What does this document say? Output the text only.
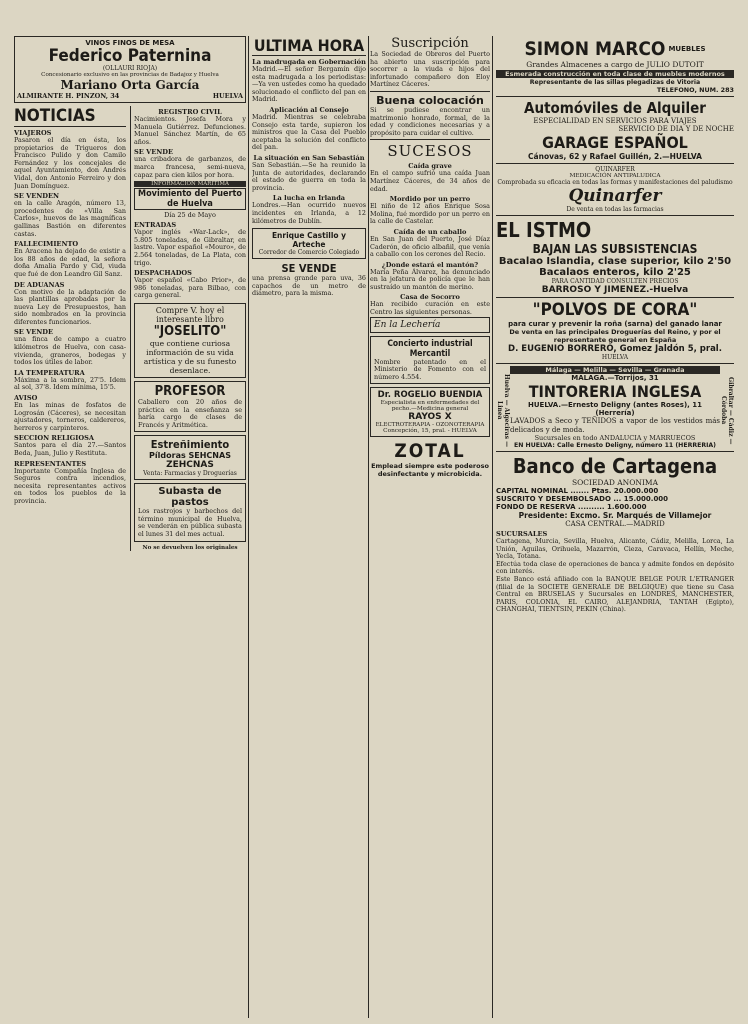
VINOS FINOS DE MESA
Federico Paternina
(OLLAURI RIOJA)
Concesionario exclusivo en las provincias de Badajoz y Huelva
Mariano Orta García
ALMIRANTE H. PINZON, 34	HUELVA
NOTICIAS
VIAJEROS

Pasaron el día en ésta, los propietarios de Trigueros don Francisco Pulido y don Camilo Fernández y los concejales de aquel Ayuntamiento, don Andrés Vidal, don Antonio Ferreiro y don Juan Domínguez.

SE VENDEN

en la calle Aragón, número 13, procedentes de «Villa San Carlos», huevos de las magníficas gallinas Bastión en diferentes castas.

FALLECIMIENTO

En Aracena ha dejado de existir a los 88 años de edad, la señora doña Amalia Pardo y Cid, viuda que fué de don Leandro Gil Sanz.

DE ADUANAS

Con motivo de la adaptación de las plantillas aprobadas por la nueva Ley de Presupuestos, han sido nombrados en la provincia diferentes funcionarios.

SE VENDE

una finca de campo a cuatro kilómetros de Huelva, con casa-vivienda, graneros, bodegas y todos los útiles de labor.

LA TEMPERATURA

Máxima a la sombra, 27'5. Idem al sol, 37'8. Idem mínima, 15'5.

AVISO

En las minas de fosfatos de Logrosán (Cáceres), se necesitan ajustadores, torneros, caldereros, herreros y carpinteros.

SECCION RELIGIOSA

Santos para el día 27.—Santos Beda, Juan, Julio y Restituta.

REPRESENTANTES

Importante Compañía Inglesa de Seguros contra incendios, necesita representantes activos en todos los pueblos de la provincia.

REGISTRO CIVIL

Nacimientos. Josefa Mora y Manuela Gutiérrez. Defunciones. Manuel Sánchez Martín, de 65 años.

SE VENDE

una cribadora de garbanzos, de marca francesa, semi-nueva, capaz para cien kilos por hora.

INFORMACIÓN MARÍTIMA
Movimiento del Puerto de Huelva
Día 25 de Mayo
ENTRADAS

Vapor inglés «War-Lack», de 5.805 toneladas, de Gibraltar, en lastre. Vapor español «Mouro», de 2.564 toneladas, de La Plata, con trigo.

DESPACHADOS

Vapor español «Cabo Prior», de 986 toneladas, para Bilbao, con carga general.

Compre V. hoy el interesante libro
"JOSELITO"
que contiene curiosa información de su vida artística y de su funesto desenlace.
PROFESOR

Caballero con 20 años de práctica en la enseñanza se haría cargo de clases de Francés y Aritmética.

Estreñimiento
Píldoras SEHCNAS
ZEHCNAS
Venta: Farmacias y Droguerías
Subasta de pastos

Los rastrojos y barbechos del término municipal de Huelva, se venderán en pública subasta el lunes 31 del mes actual.

No se devuelven los originales
ULTIMA HORA
La madrugada en Gobernación

Madrid.—El señor Bergamín dijo esta madrugada a los periodistas: —Ya ven ustedes como ha quedado solucionado el conflicto del pan en Madrid.

Aplicación al Consejo

Madrid. Mientras se celebraba Consejo esta tarde, supieron los ministros que la Casa del Pueblo aceptaba la solución del conflicto del pan.

La situación en San Sebastián

San Sebastián.—Se ha reunido la Junta de autoridades, declarando el estado de guerra en toda la provincia.

La lucha en Irlanda

Londres.—Han ocurrido nuevos incidentes en Irlanda, a 12 kilómetros de Dublín.

Enrique Castillo y Arteche
Corredor de Comercio Colegiado
SE VENDE

una prensa grande para uva, 36 capachos de un metro de diámetro, para la misma.

Suscripción

La Sociedad de Obreros del Puerto ha abierto una suscripción para socorrer a la viuda e hijos del infortunado compañero don Eloy Martínez Cáceres.

Buena colocación

Si se pudiese encontrar un matrimonio honrado, formal, de la edad y condiciones necesarias y a propósito para cuidar el cultivo.

SUCESOS
Caída grave

En el campo sufrió una caída Juan Martínez Cáceres, de 34 años de edad.

Mordido por un perro

El niño de 12 años Enrique Sosa Molina, fué mordido por un perro en la calle de Castelar.

Caída de un caballo

En San Juan del Puerto, José Díaz Caderón, de oficio albañil, que venía a caballo con los cerones del Recio.

¿Donde estará el mantón?

María Peña Álvarez, ha denunciado en la jefatura de policía que le han sustraído un mantón de merino.

Casa de Socorro

Han recibido curación en este Centro las siguientes personas.

En la Lechería
Concierto industrial Mercantil

Nombre patentado en el Ministerio de Fomento con el número 4.554.

Dr. ROGELIO BUENDIA
Especialista en enfermedades del pecho.—Medicina general
RAYOS X
ELECTROTERAPIA - OZONOTERAPIA
Concepción, 15, pral. - HUELVA
ZOTAL
Emplead siempre este poderoso desinfectante y microbicida.
SIMON MARCO MUEBLES
Grandes Almacenes a cargo de JULIO DUTOIT
Esmerada construcción en toda clase de muebles modernos
Representante de las sillas plegadizas de Vitoria
TELEFONO, NUM. 283
Automóviles de Alquiler
ESPECIALIDAD EN SERVICIOS PARA VIAJES
SERVICIO DE DIA Y DE NOCHE
GARAGE ESPAÑOL
Cánovas, 62 y Rafael Guillén, 2.—HUELVA
QUINARFER
MEDICACIÓN ANTIPALUDICA
Comprobada su eficacia en todas las formas y manifestaciones del paludismo
Quinarfer
De venta en todas las farmacias
EL ISTMO
BAJAN LAS SUBSISTENCIAS
Bacalao Islandia, clase superior, kilo 2'50
Bacalaos enteros, kilo 2'25
PARA CANTIDAD CONSULTEN PRECIOS
BARROSO Y JIMENEZ.-Huelva
"POLVOS DE CORA"
para curar y prevenir la roña (sarna) del ganado lanar
De venta en las principales Droguerías del Reino, y por el representante general en España
D. EUGENIO BORRERO, Gomez Jaldón 5, pral.
HUELVA
Huelva — Algeciras — Linea	Gibraltar — Cádiz — Córdoba
Málaga — Melilla — Sevilla — Granada
MALAGA.—Torrijos, 31
TINTORERIA INGLESA
HUELVA.—Ernesto Deligny (antes Roses), 11 (Herrería)

LAVADOS a Seco y TEÑIDOS a vapor de los vestidos más delicados y de moda.

Sucursales en todo ANDALUCIA y MARRUECOS
EN HUELVA: Calle Ernesto Deligny, número 11 (HERRERIA)
Banco de Cartagena
SOCIEDAD ANONIMA
CAPITAL NOMINAL ....... Ptas. 20.000.000
SUSCRITO Y DESEMBOLSADO ... 15.000.000
FONDO DE RESERVA .......... 1.600.000
Presidente: Excmo. Sr. Marqués de Villamejor
CASA CENTRAL.—MADRID
SUCURSALES

Cartagena, Murcia, Sevilla, Huelva, Alicante, Cádiz, Melilla, Lorca, La Unión, Aguilas, Orihuela, Mazarrón, Cieza, Caravaca, Hellín, Meche, Yecla, Totana.

Efectúa toda clase de operaciones de banca y admite fondos en depósito con interés.

Este Banco está afiliado con la BANQUE BELGE POUR L'ETRANGER (filial de la SOCIETE GENERALE DE BELGIQUE) que tiene su Casa Central en BRUSELAS y Sucursales en LONDRES, MANCHESTER, PARIS, COLONIA, EL CAIRO, ALEJANDRIA, TANTAH (Egipto), CHANGHAI, TIENTSIN, PEKIN (China).
